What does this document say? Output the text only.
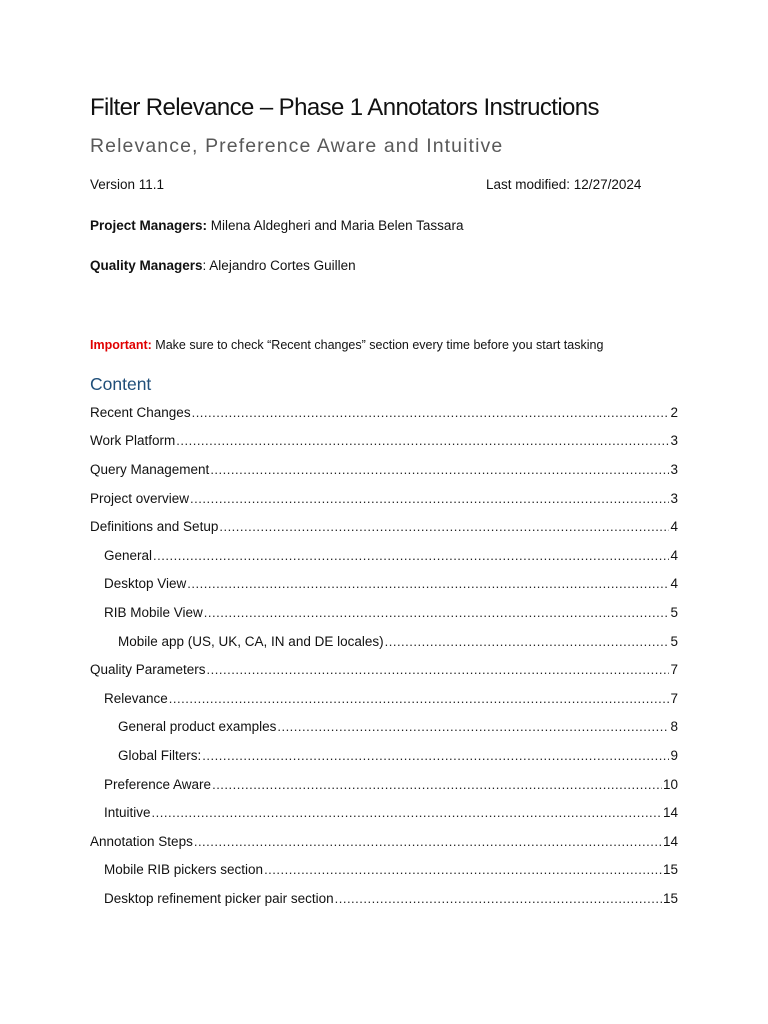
Filter Relevance – Phase 1 Annotators Instructions
Relevance, Preference Aware and Intuitive
Version 11.1	Last modified: 12/27/2024
Project Managers: Milena Aldegheri and Maria Belen Tassara
Quality Managers: Alejandro Cortes Guillen
Important: Make sure to check “Recent changes” section every time before you start tasking
Content
Recent Changes .....	2
Work Platform .....	3
Query Management .....	3
Project overview .....	3
Definitions and Setup .....	4
General .....	4
Desktop View .....	4
RIB Mobile View .....	5
Mobile app (US, UK, CA, IN and DE locales) .....	5
Quality Parameters .....	7
Relevance .....	7
General product examples .....	8
Global Filters: .....	9
Preference Aware .....	10
Intuitive .....	14
Annotation Steps .....	14
Mobile RIB pickers section .....	15
Desktop refinement picker pair section .....	15
